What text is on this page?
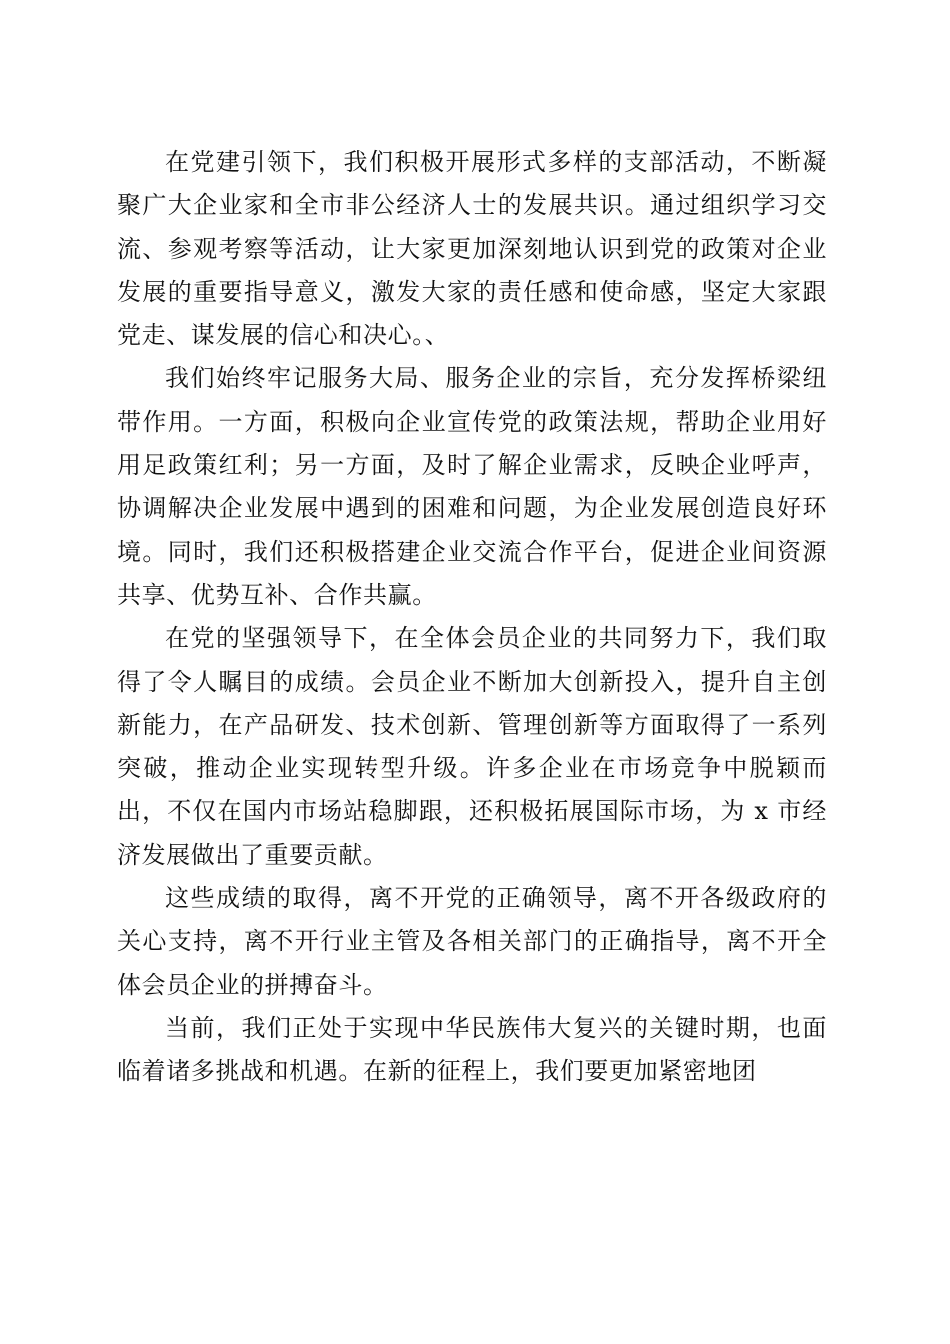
在党建引领下，我们积极开展形式多样的支部活动，不断凝聚广大企业家和全市非公经济人士的发展共识。通过组织学习交流、参观考察等活动，让大家更加深刻地认识到党的政策对企业发展的重要指导意义，激发大家的责任感和使命感，坚定大家跟党走、谋发展的信心和决心。、

我们始终牢记服务大局、服务企业的宗旨，充分发挥桥梁纽带作用。一方面，积极向企业宣传党的政策法规，帮助企业用好用足政策红利；另一方面，及时了解企业需求，反映企业呼声，协调解决企业发展中遇到的困难和问题，为企业发展创造良好环境。同时，我们还积极搭建企业交流合作平台，促进企业间资源共享、优势互补、合作共赢。

在党的坚强领导下，在全体会员企业的共同努力下，我们取得了令人瞩目的成绩。会员企业不断加大创新投入，提升自主创新能力，在产品研发、技术创新、管理创新等方面取得了一系列突破，推动企业实现转型升级。许多企业在市场竞争中脱颖而出，不仅在国内市场站稳脚跟，还积极拓展国际市场，为 x 市经济发展做出了重要贡献。

这些成绩的取得，离不开党的正确领导，离不开各级政府的关心支持，离不开行业主管及各相关部门的正确指导，离不开全体会员企业的拼搏奋斗。

当前，我们正处于实现中华民族伟大复兴的关键时期，也面临着诸多挑战和机遇。在新的征程上，我们要更加紧密地团
